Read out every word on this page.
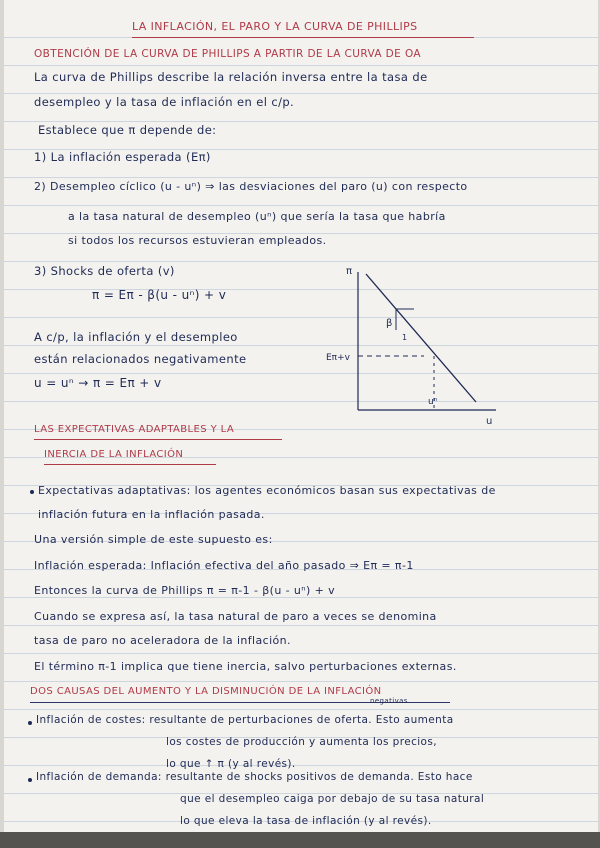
LA INFLACIÓN, EL PARO Y LA CURVA DE PHILLIPS
OBTENCIÓN DE LA CURVA DE PHILLIPS A PARTIR DE LA CURVA DE OA
La curva de Phillips describe la relación inversa entre la tasa de
desempleo y la tasa de inflación en el c/p.
Establece que π depende de:
1) La inflación esperada (Eπ)
2) Desempleo cíclico (u - uⁿ) ⇒ las desviaciones del paro (u) con respecto
a la tasa natural de desempleo (uⁿ) que sería la tasa que habría
si todos los recursos estuvieran empleados.
3) Shocks de oferta (v)
π = Eπ - β(u - uⁿ) + v
A c/p, la inflación y el desempleo
están relacionados negativamente
u = uⁿ → π = Eπ + v
π
u
β
1
Eπ+v
uⁿ
LAS EXPECTATIVAS ADAPTABLES Y LA
INERCIA DE LA INFLACIÓN
Expectativas adaptativas: los agentes económicos basan sus expectativas de
inflación futura en la inflación pasada.
Una versión simple de este supuesto es:
Inflación esperada: Inflación efectiva del año pasado ⇒ Eπ = π-1
Entonces la curva de Phillips π = π-1 - β(u - uⁿ) + v
Cuando se expresa así, la tasa natural de paro a veces se denomina
tasa de paro no aceleradora de la inflación.
El término π-1 implica que tiene inercia, salvo perturbaciones externas.
DOS CAUSAS DEL AUMENTO Y LA DISMINUCIÓN DE LA INFLACIÓN
negativas
Inflación de costes: resultante de perturbaciones de oferta. Esto aumenta
los costes de producción y aumenta los precios,
lo que ↑ π (y al revés).
Inflación de demanda: resultante de shocks positivos de demanda. Esto hace
que el desempleo caiga por debajo de su tasa natural
lo que eleva la tasa de inflación (y al revés).
